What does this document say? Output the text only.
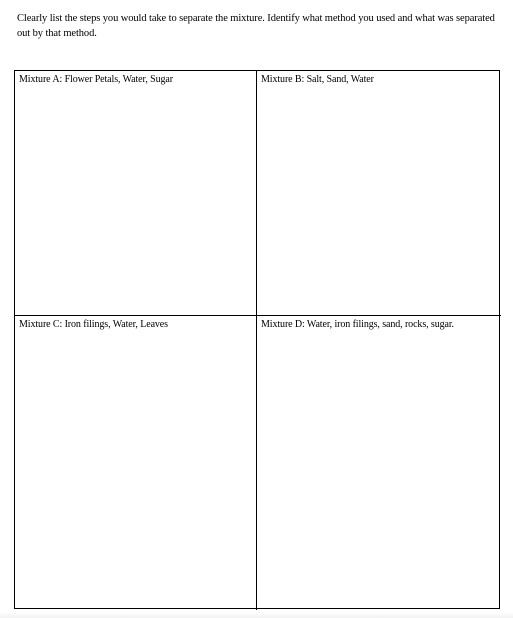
Clearly list the steps you would take to separate the mixture. Identify what method you used and what was separated out by that method.
Mixture A: Flower Petals, Water, Sugar	Mixture B: Salt, Sand, Water
Mixture C: Iron filings, Water, Leaves	Mixture D: Water, iron filings, sand, rocks, sugar.
